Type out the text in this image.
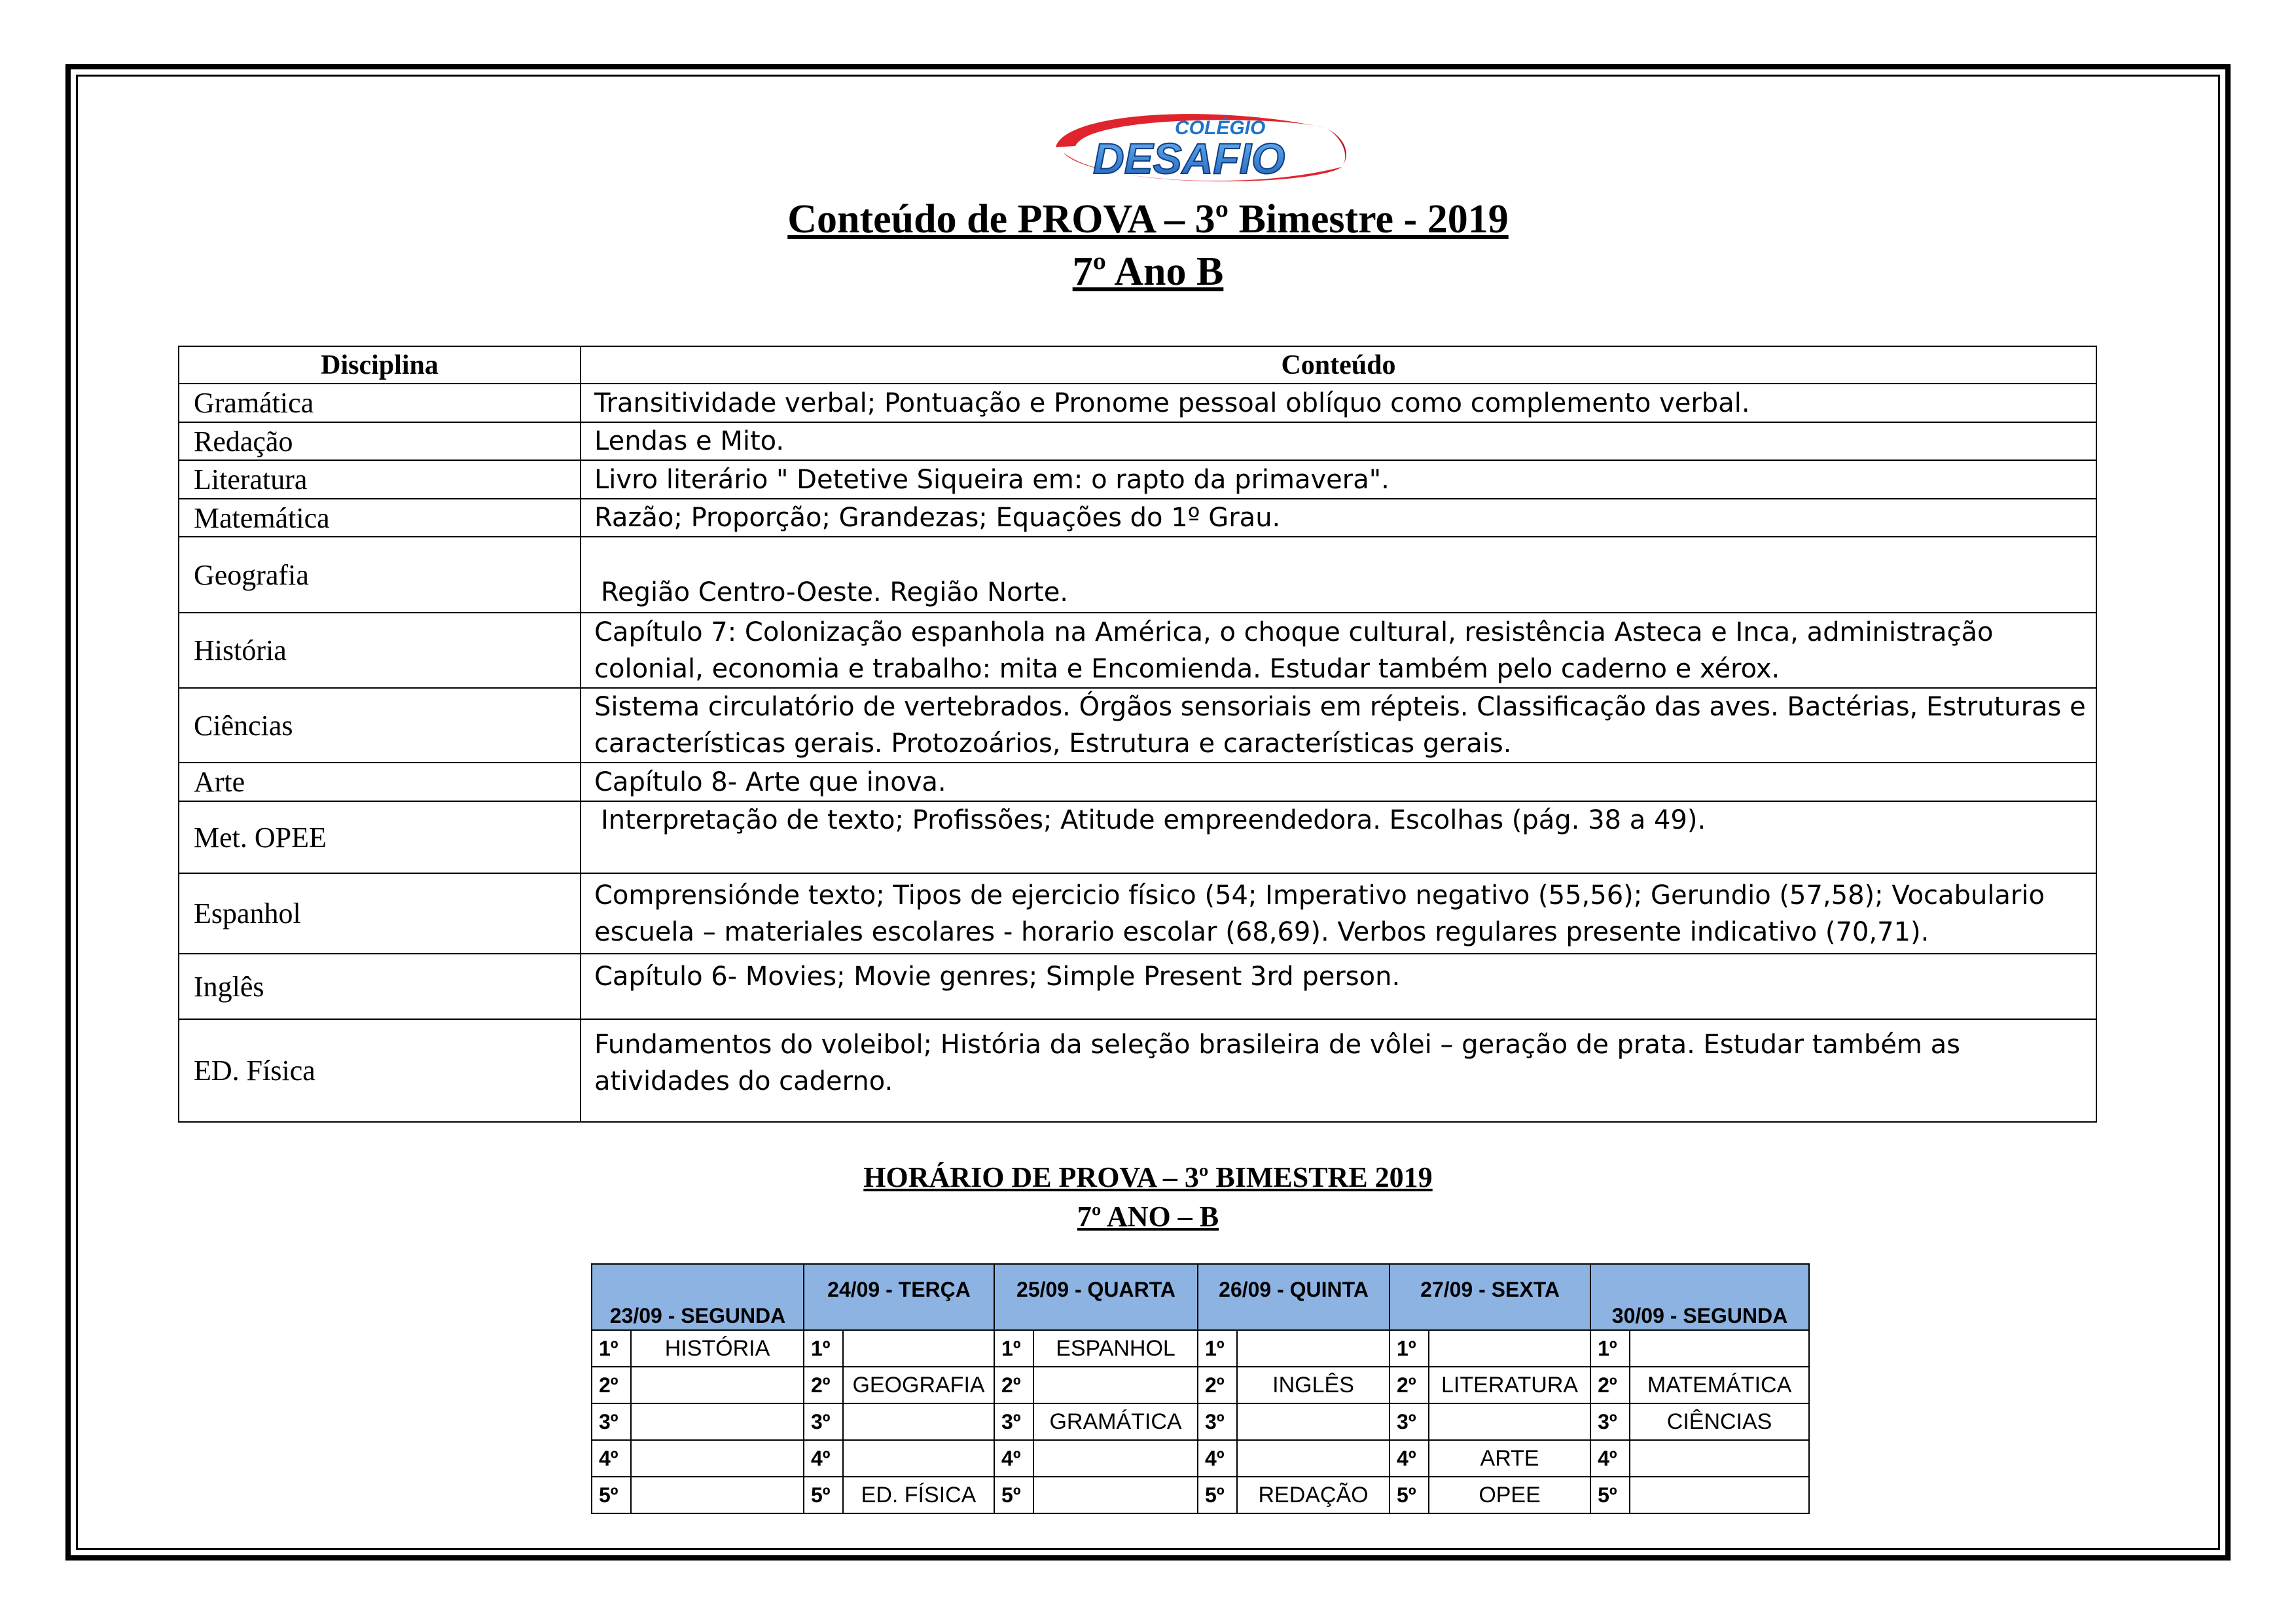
COLÉGIO
DESAFIO
Conteúdo de PROVA – 3º Bimestre - 2019
7º Ano B
Disciplina	Conteúdo
Gramática	Transitividade verbal; Pontuação e Pronome pessoal oblíquo como complemento verbal.
Redação	Lendas e Mito.
Literatura	Livro literário " Detetive Siqueira em: o rapto da primavera".
Matemática	Razão; Proporção; Grandezas; Equações do 1º Grau.
Geografia	Região Centro-Oeste. Região Norte.
História	Capítulo 7: Colonização espanhola na América, o choque cultural, resistência Asteca e Inca, administração colonial, economia e trabalho: mita e Encomienda. Estudar também pelo caderno e xérox.
Ciências	Sistema circulatório de vertebrados. Órgãos sensoriais em répteis. Classificação das aves. Bactérias, Estruturas e características gerais. Protozoários, Estrutura e características gerais.
Arte	Capítulo 8- Arte que inova.
Met. OPEE	Interpretação de texto; Profissões; Atitude empreendedora. Escolhas (pág. 38 a 49).
Espanhol	Comprensiónde texto; Tipos de ejercicio físico (54; Imperativo negativo (55,56); Gerundio (57,58); Vocabulario escuela – materiales escolares - horario escolar (68,69). Verbos regulares presente indicativo (70,71).
Inglês	Capítulo 6- Movies; Movie genres; Simple Present 3rd person.
ED. Física	Fundamentos do voleibol; História da seleção brasileira de vôlei – geração de prata. Estudar também as atividades do caderno.
HORÁRIO DE PROVA – 3º BIMESTRE 2019
7º ANO – B
23/09 - SEGUNDA		24/09 - TERÇA		25/09 - QUARTA		26/09 - QUINTA		27/09 - SEXTA		30/09 - SEGUNDA	
1º	HISTÓRIA	1º		1º	ESPANHOL	1º		1º		1º	
2º		2º	GEOGRAFIA	2º		2º	INGLÊS	2º	LITERATURA	2º	MATEMÁTICA
3º		3º		3º	GRAMÁTICA	3º		3º		3º	CIÊNCIAS
4º		4º		4º		4º		4º	ARTE	4º	
5º		5º	ED. FÍSICA	5º		5º	REDAÇÃO	5º	OPEE	5º	
